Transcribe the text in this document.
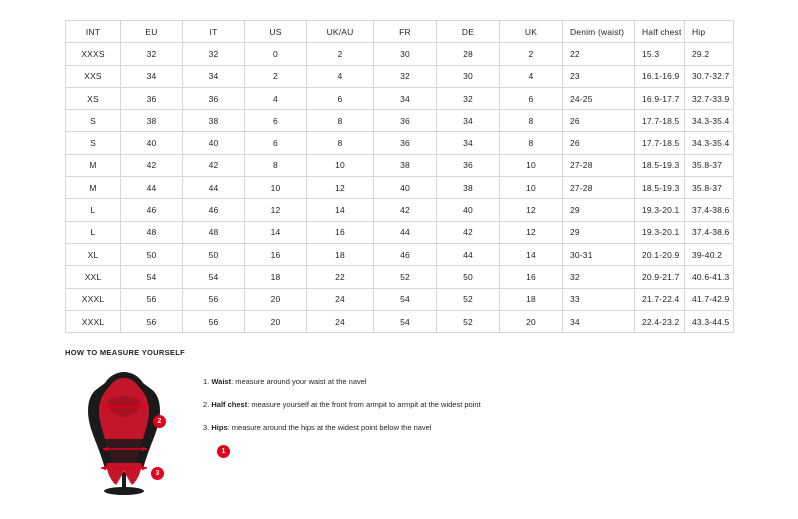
INT	EU	IT	US	UK/AU	FR	DE	UK	Denim (waist)	Half chest	Hip
XXXS	32	32	0	2	30	28	2	22	15.3	29.2
XXS	34	34	2	4	32	30	4	23	16.1-16.9	30.7-32.7
XS	36	36	4	6	34	32	6	24-25	16.9-17.7	32.7-33.9
S	38	38	6	8	36	34	8	26	17.7-18.5	34.3-35.4
S	40	40	6	8	36	34	8	26	17.7-18.5	34.3-35.4
M	42	42	8	10	38	36	10	27-28	18.5-19.3	35.8-37
M	44	44	10	12	40	38	10	27-28	18.5-19.3	35.8-37
L	46	46	12	14	42	40	12	29	19.3-20.1	37.4-38.6
L	48	48	14	16	44	42	12	29	19.3-20.1	37.4-38.6
XL	50	50	16	18	46	44	14	30-31	20.1-20.9	39-40.2
XXL	54	54	18	22	52	50	16	32	20.9-21.7	40.6-41.3
XXXL	56	56	20	24	54	52	18	33	21.7-22.4	41.7-42.9
XXXL	56	56	20	24	54	52	20	34	22.4-23.2	43.3-44.5
HOW TO MEASURE YOURSELF
1. Waist: measure around your waist at the navel
2. Half chest: measure yourself at the front from armpit to armpit at the widest point
3. Hips: measure around the hips at the widest point below the navel
1
2
3
